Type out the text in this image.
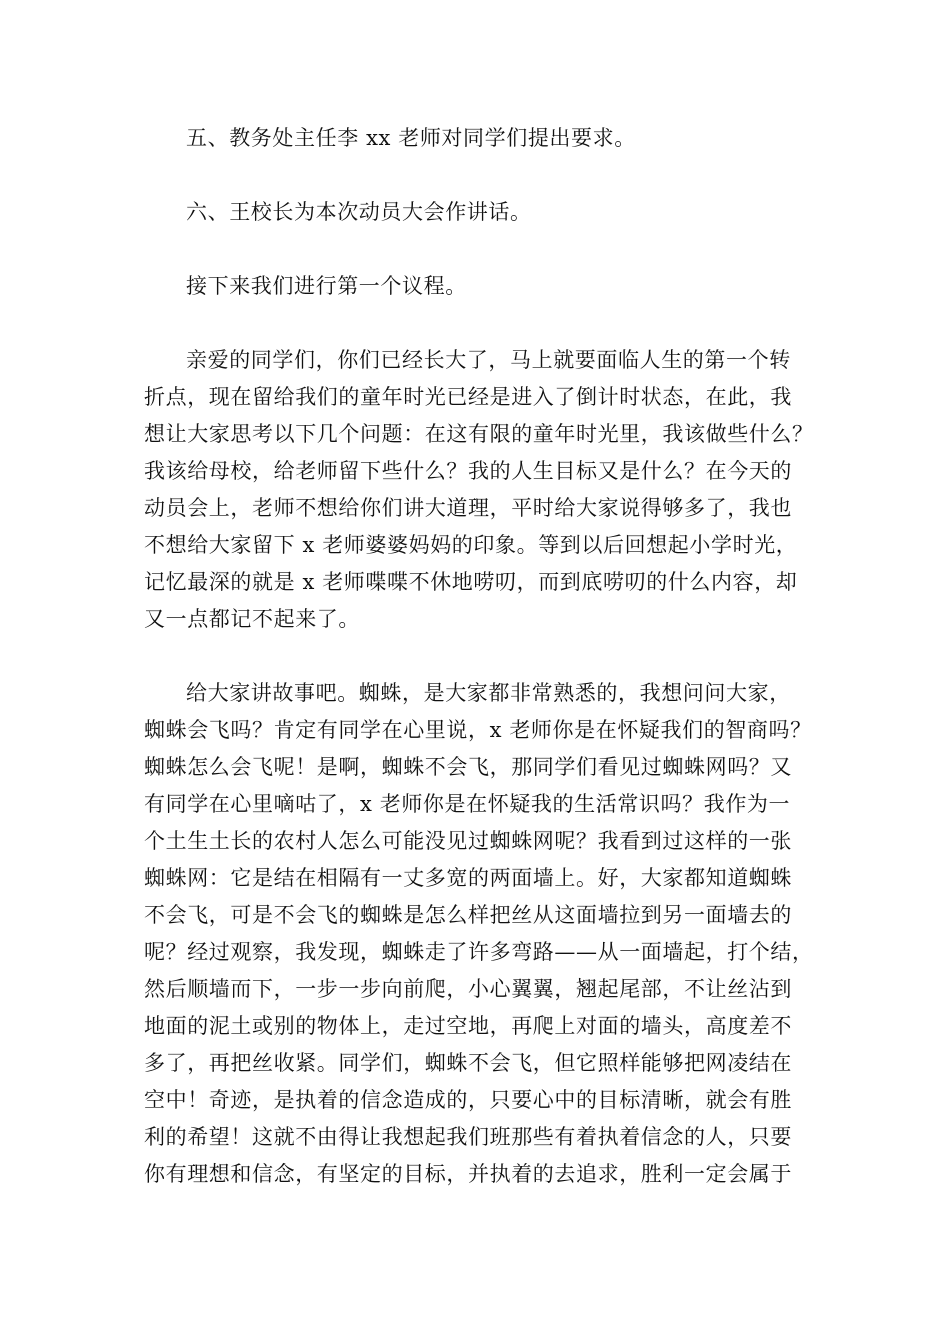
五、教务处主任李 xx 老师对同学们提出要求。
六、王校长为本次动员大会作讲话。
接下来我们进行第一个议程。
亲爱的同学们，你们已经长大了，马上就要面临人生的第一个转
折点，现在留给我们的童年时光已经是进入了倒计时状态，在此，我
想让大家思考以下几个问题：在这有限的童年时光里，我该做些什么？
我该给母校，给老师留下些什么？我的人生目标又是什么？在今天的
动员会上，老师不想给你们讲大道理，平时给大家说得够多了，我也
不想给大家留下 x 老师婆婆妈妈的印象。等到以后回想起小学时光，
记忆最深的就是 x 老师喋喋不休地唠叨，而到底唠叨的什么内容，却
又一点都记不起来了。
给大家讲故事吧。蜘蛛，是大家都非常熟悉的，我想问问大家，
蜘蛛会飞吗？肯定有同学在心里说，x 老师你是在怀疑我们的智商吗？
蜘蛛怎么会飞呢！是啊，蜘蛛不会飞，那同学们看见过蜘蛛网吗？又
有同学在心里嘀咕了，x 老师你是在怀疑我的生活常识吗？我作为一
个土生土长的农村人怎么可能没见过蜘蛛网呢？我看到过这样的一张
蜘蛛网：它是结在相隔有一丈多宽的两面墙上。好，大家都知道蜘蛛
不会飞，可是不会飞的蜘蛛是怎么样把丝从这面墙拉到另一面墙去的
呢？经过观察，我发现，蜘蛛走了许多弯路——从一面墙起，打个结，
然后顺墙而下，一步一步向前爬，小心翼翼，翘起尾部，不让丝沾到
地面的泥土或别的物体上，走过空地，再爬上对面的墙头，高度差不
多了，再把丝收紧。同学们，蜘蛛不会飞，但它照样能够把网凌结在
空中！奇迹，是执着的信念造成的，只要心中的目标清晰，就会有胜
利的希望！这就不由得让我想起我们班那些有着执着信念的人，只要
你有理想和信念，有坚定的目标，并执着的去追求，胜利一定会属于
